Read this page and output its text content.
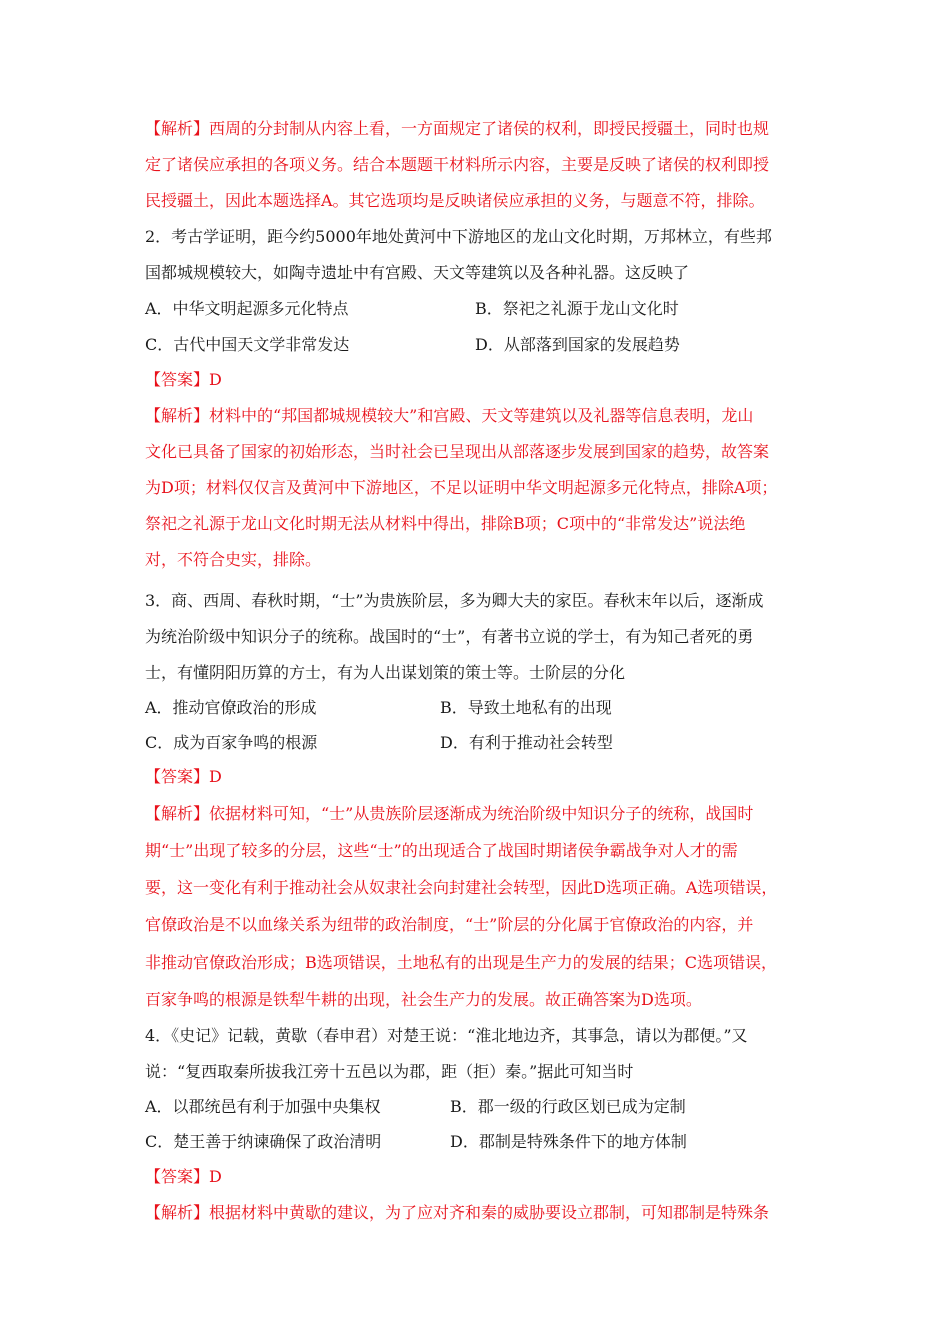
【解析】西周的分封制从内容上看，一方面规定了诸侯的权利，即授民授疆土，同时也规
定了诸侯应承担的各项义务。结合本题题干材料所示内容，主要是反映了诸侯的权利即授
民授疆土，因此本题选择A。其它选项均是反映诸侯应承担的义务，与题意不符，排除。
2．考古学证明，距今约5000年地处黄河中下游地区的龙山文化时期，万邦林立，有些邦
国都城规模较大，如陶寺遗址中有宫殿、天文等建筑以及各种礼器。这反映了
A．中华文明起源多元化特点	B．祭祀之礼源于龙山文化时
C．古代中国天文学非常发达	D．从部落到国家的发展趋势
【答案】D
【解析】材料中的“邦国都城规模较大”和宫殿、天文等建筑以及礼器等信息表明，龙山
文化已具备了国家的初始形态，当时社会已呈现出从部落逐步发展到国家的趋势，故答案
为D项；材料仅仅言及黄河中下游地区，不足以证明中华文明起源多元化特点，排除A项；
祭祀之礼源于龙山文化时期无法从材料中得出，排除B项；C项中的“非常发达”说法绝
对，不符合史实，排除。
3．商、西周、春秋时期，“士”为贵族阶层，多为卿大夫的家臣。春秋末年以后，逐渐成
为统治阶级中知识分子的统称。战国时的“士”，有著书立说的学士，有为知己者死的勇
士，有懂阴阳历算的方士，有为人出谋划策的策士等。士阶层的分化
A．推动官僚政治的形成	B．导致土地私有的出现
C．成为百家争鸣的根源	D．有利于推动社会转型
【答案】D
【解析】依据材料可知，“士”从贵族阶层逐渐成为统治阶级中知识分子的统称，战国时
期“士”出现了较多的分层，这些“士”的出现适合了战国时期诸侯争霸战争对人才的需
要，这一变化有利于推动社会从奴隶社会向封建社会转型，因此D选项正确。A选项错误，
官僚政治是不以血缘关系为纽带的政治制度，“士”阶层的分化属于官僚政治的内容，并
非推动官僚政治形成；B选项错误，土地私有的出现是生产力的发展的结果；C选项错误，
百家争鸣的根源是铁犁牛耕的出现，社会生产力的发展。故正确答案为D选项。
4．《史记》记载，黄歇（春申君）对楚王说：“淮北地边齐，其事急，请以为郡便。”又
说：“复西取秦所拔我江旁十五邑以为郡，距（拒）秦。”据此可知当时
A．以郡统邑有利于加强中央集权	B．郡一级的行政区划已成为定制
C．楚王善于纳谏确保了政治清明	D．郡制是特殊条件下的地方体制
【答案】D
【解析】根据材料中黄歇的建议，为了应对齐和秦的威胁要设立郡制，可知郡制是特殊条
